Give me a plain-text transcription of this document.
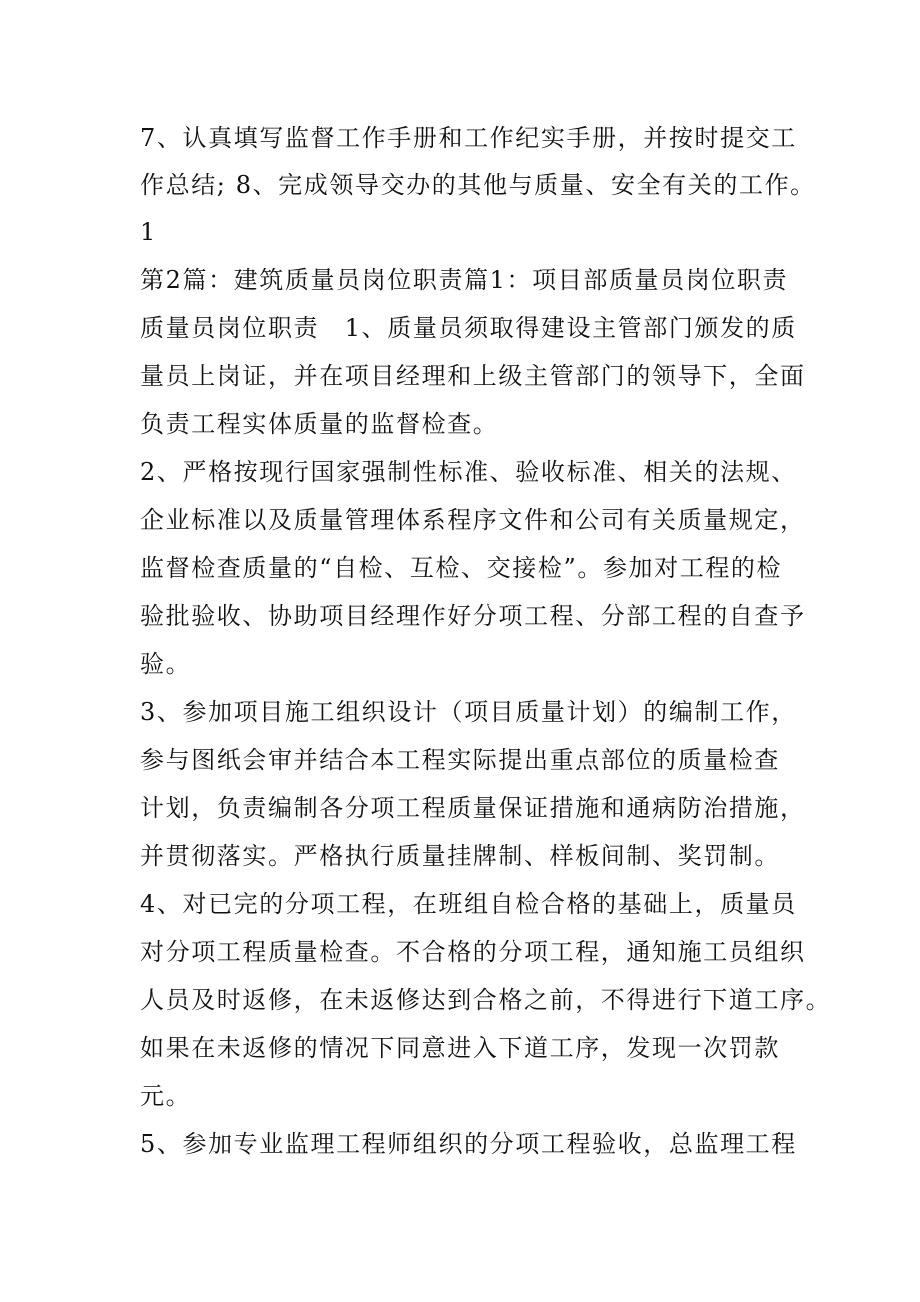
7、认真填写监督工作手册和工作纪实手册，并按时提交工
作总结; 8、完成领导交办的其他与质量、安全有关的工作。
1
第2篇：建筑质量员岗位职责篇1：项目部质量员岗位职责
质量员岗位职责　1、质量员须取得建设主管部门颁发的质
量员上岗证，并在项目经理和上级主管部门的领导下，全面
负责工程实体质量的监督检查。
2、严格按现行国家强制性标准、验收标准、相关的法规、
企业标准以及质量管理体系程序文件和公司有关质量规定，
监督检查质量的“自检、互检、交接检”。参加对工程的检
验批验收、协助项目经理作好分项工程、分部工程的自查予
验。
3、参加项目施工组织设计（项目质量计划）的编制工作，
参与图纸会审并结合本工程实际提出重点部位的质量检查
计划，负责编制各分项工程质量保证措施和通病防治措施，
并贯彻落实。严格执行质量挂牌制、样板间制、奖罚制。
4、对已完的分项工程，在班组自检合格的基础上，质量员
对分项工程质量检查。不合格的分项工程，通知施工员组织
人员及时返修，在未返修达到合格之前，不得进行下道工序。
如果在未返修的情况下同意进入下道工序，发现一次罚款
元。
5、参加专业监理工程师组织的分项工程验收，总监理工程
